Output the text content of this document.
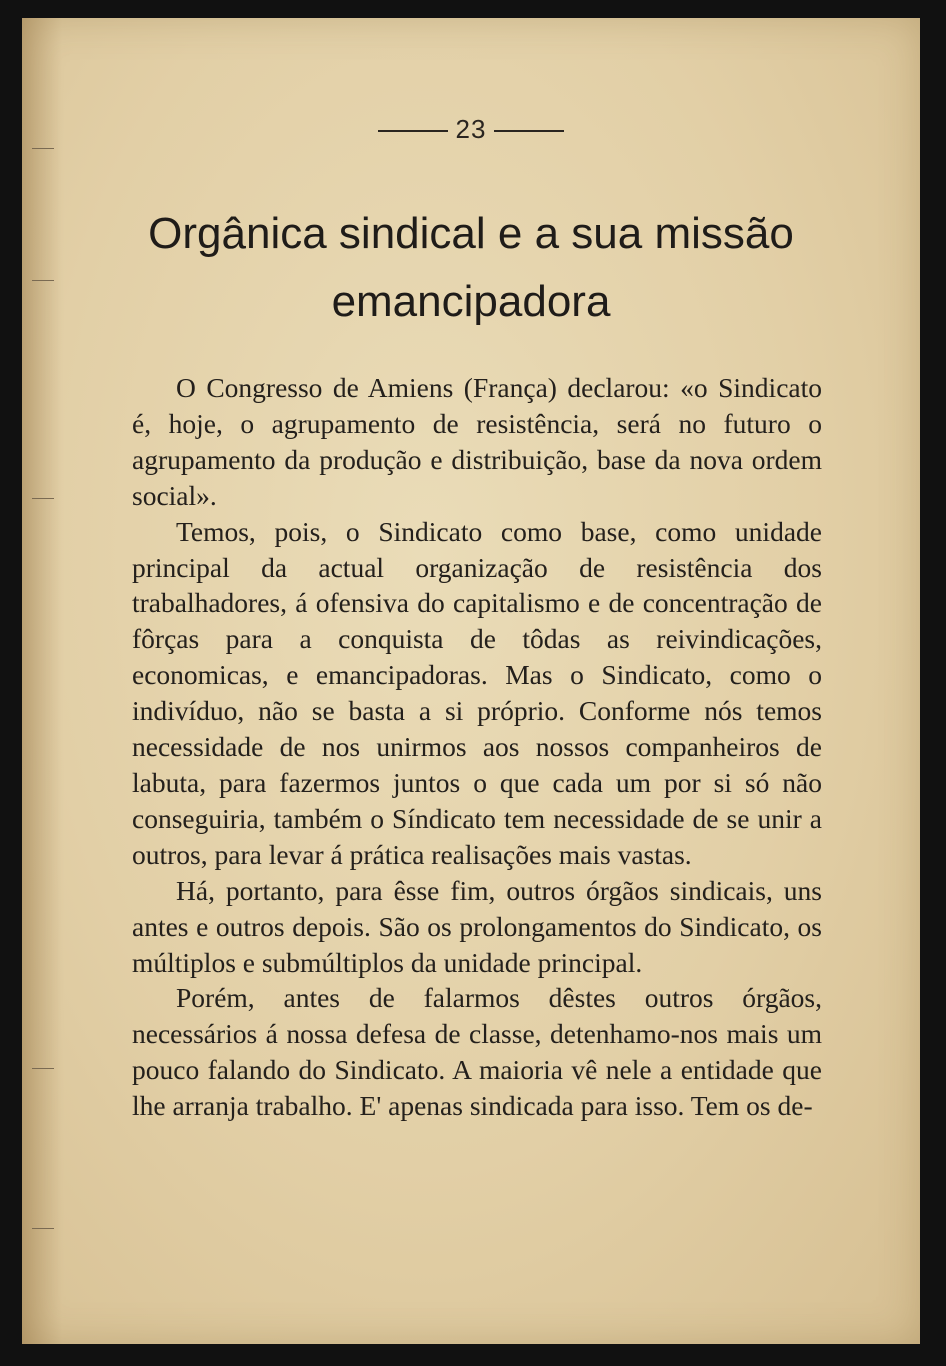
23
Orgânica sindical e a sua missão emancipadora

O Congresso de Amiens (França) declarou: «o Sindicato é, hoje, o agrupamento de resistência, será no futuro o agrupamento da produção e distribuição, base da nova ordem social».

Temos, pois, o Sindicato como base, como unidade principal da actual organização de resistência dos trabalhadores, á ofensiva do capitalismo e de concentração de fôrças para a conquista de tôdas as reivindicações, economicas, e emancipadoras. Mas o Sindicato, como o indivíduo, não se basta a si próprio. Conforme nós temos necessidade de nos unirmos aos nossos companheiros de labuta, para fazermos juntos o que cada um por si só não conseguiria, também o Síndicato tem necessidade de se unir a outros, para levar á prática realisações mais vastas.

Há, portanto, para êsse fim, outros órgãos sindicais, uns antes e outros depois. São os prolongamentos do Sindicato, os múltiplos e submúltiplos da unidade principal.

Porém, antes de falarmos dêstes outros órgãos, necessários á nossa defesa de classe, detenhamo-nos mais um pouco falando do Sindicato. A maioria vê nele a entidade que lhe arranja trabalho. E' apenas sindicada para isso. Tem os de-
